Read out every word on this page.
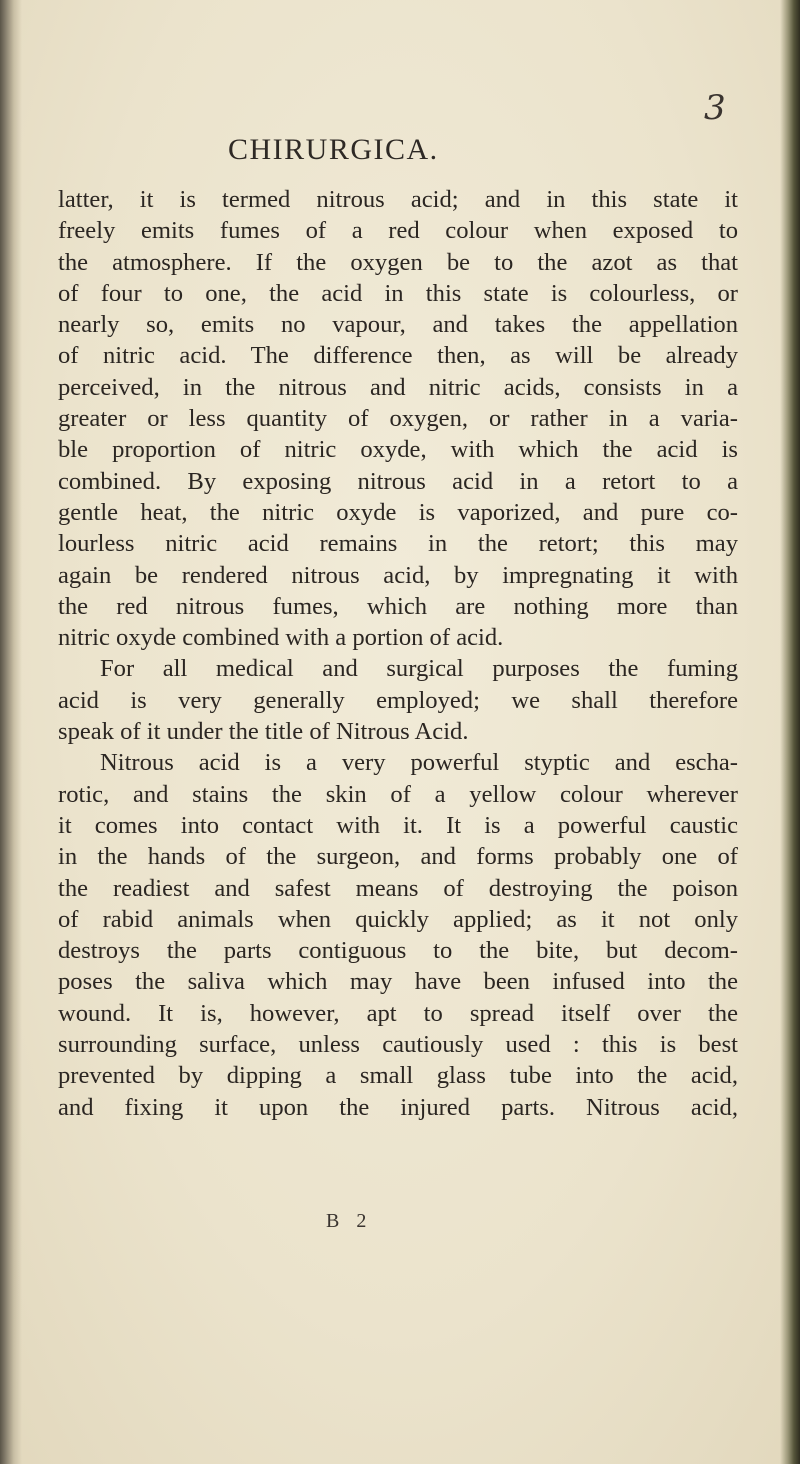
3
CHIRURGICA.
latter, it is termed nitrous acid; and in this state it
freely emits fumes of a red colour when exposed to
the atmosphere. If the oxygen be to the azot as that
of four to one, the acid in this state is colourless, or
nearly so, emits no vapour, and takes the appellation
of nitric acid. The difference then, as will be already
perceived, in the nitrous and nitric acids, consists in a
greater or less quantity of oxygen, or rather in a varia-
ble proportion of nitric oxyde, with which the acid is
combined. By exposing nitrous acid in a retort to a
gentle heat, the nitric oxyde is vaporized, and pure co-
lourless nitric acid remains in the retort; this may
again be rendered nitrous acid, by impregnating it with
the red nitrous fumes, which are nothing more than
nitric oxyde combined with a portion of acid.
For all medical and surgical purposes the fuming
acid is very generally employed; we shall therefore
speak of it under the title of Nitrous Acid.
Nitrous acid is a very powerful styptic and escha-
rotic, and stains the skin of a yellow colour wherever
it comes into contact with it. It is a powerful caustic
in the hands of the surgeon, and forms probably one of
the readiest and safest means of destroying the poison
of rabid animals when quickly applied; as it not only
destroys the parts contiguous to the bite, but decom-
poses the saliva which may have been infused into the
wound. It is, however, apt to spread itself over the
surrounding surface, unless cautiously used : this is best
prevented by dipping a small glass tube into the acid,
and fixing it upon the injured parts. Nitrous acid,
B 2
